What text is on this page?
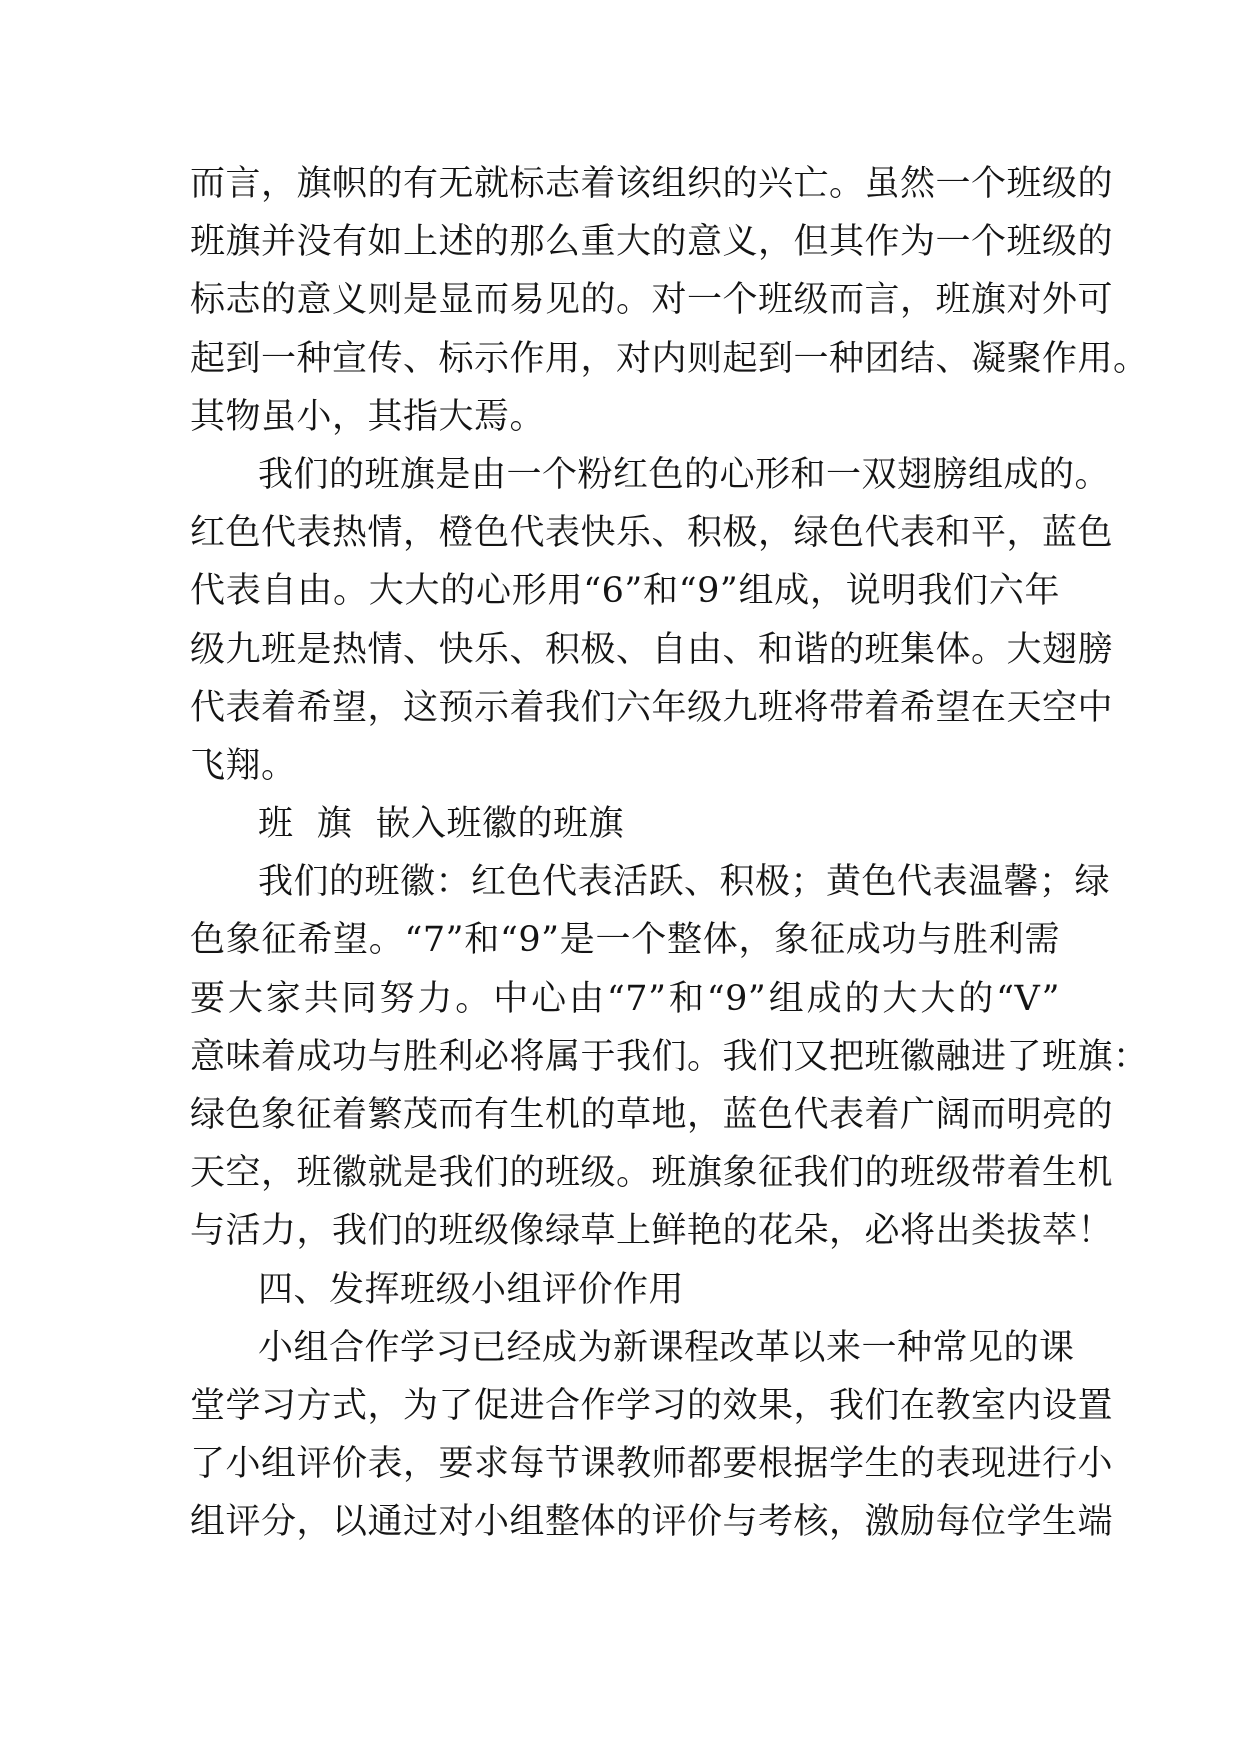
而言，旗帜的有无就标志着该组织的兴亡。虽然一个班级的
班旗并没有如上述的那么重大的意义，但其作为一个班级的
标志的意义则是显而易见的。对一个班级而言，班旗对外可
起到一种宣传、标示作用，对内则起到一种团结、凝聚作用。
其物虽小，其指大焉。
我们的班旗是由一个粉红色的心形和一双翅膀组成的。
红色代表热情，橙色代表快乐、积极，绿色代表和平，蓝色
代表自由。大大的心形用“6”和“9”组成，说明我们六年
级九班是热情、快乐、积极、自由、和谐的班集体。大翅膀
代表着希望，这预示着我们六年级九班将带着希望在天空中
飞翔。
班  旗  嵌入班徽的班旗
我们的班徽：红色代表活跃、积极；黄色代表温馨；绿
色象征希望。“7”和“9”是一个整体，象征成功与胜利需
要大家共同努力。中心由“7”和“9”组成的大大的“V”
意味着成功与胜利必将属于我们。我们又把班徽融进了班旗：
绿色象征着繁茂而有生机的草地，蓝色代表着广阔而明亮的
天空，班徽就是我们的班级。班旗象征我们的班级带着生机
与活力，我们的班级像绿草上鲜艳的花朵，必将出类拔萃！
四、发挥班级小组评价作用
小组合作学习已经成为新课程改革以来一种常见的课
堂学习方式，为了促进合作学习的效果，我们在教室内设置
了小组评价表，要求每节课教师都要根据学生的表现进行小
组评分，以通过对小组整体的评价与考核，激励每位学生端
